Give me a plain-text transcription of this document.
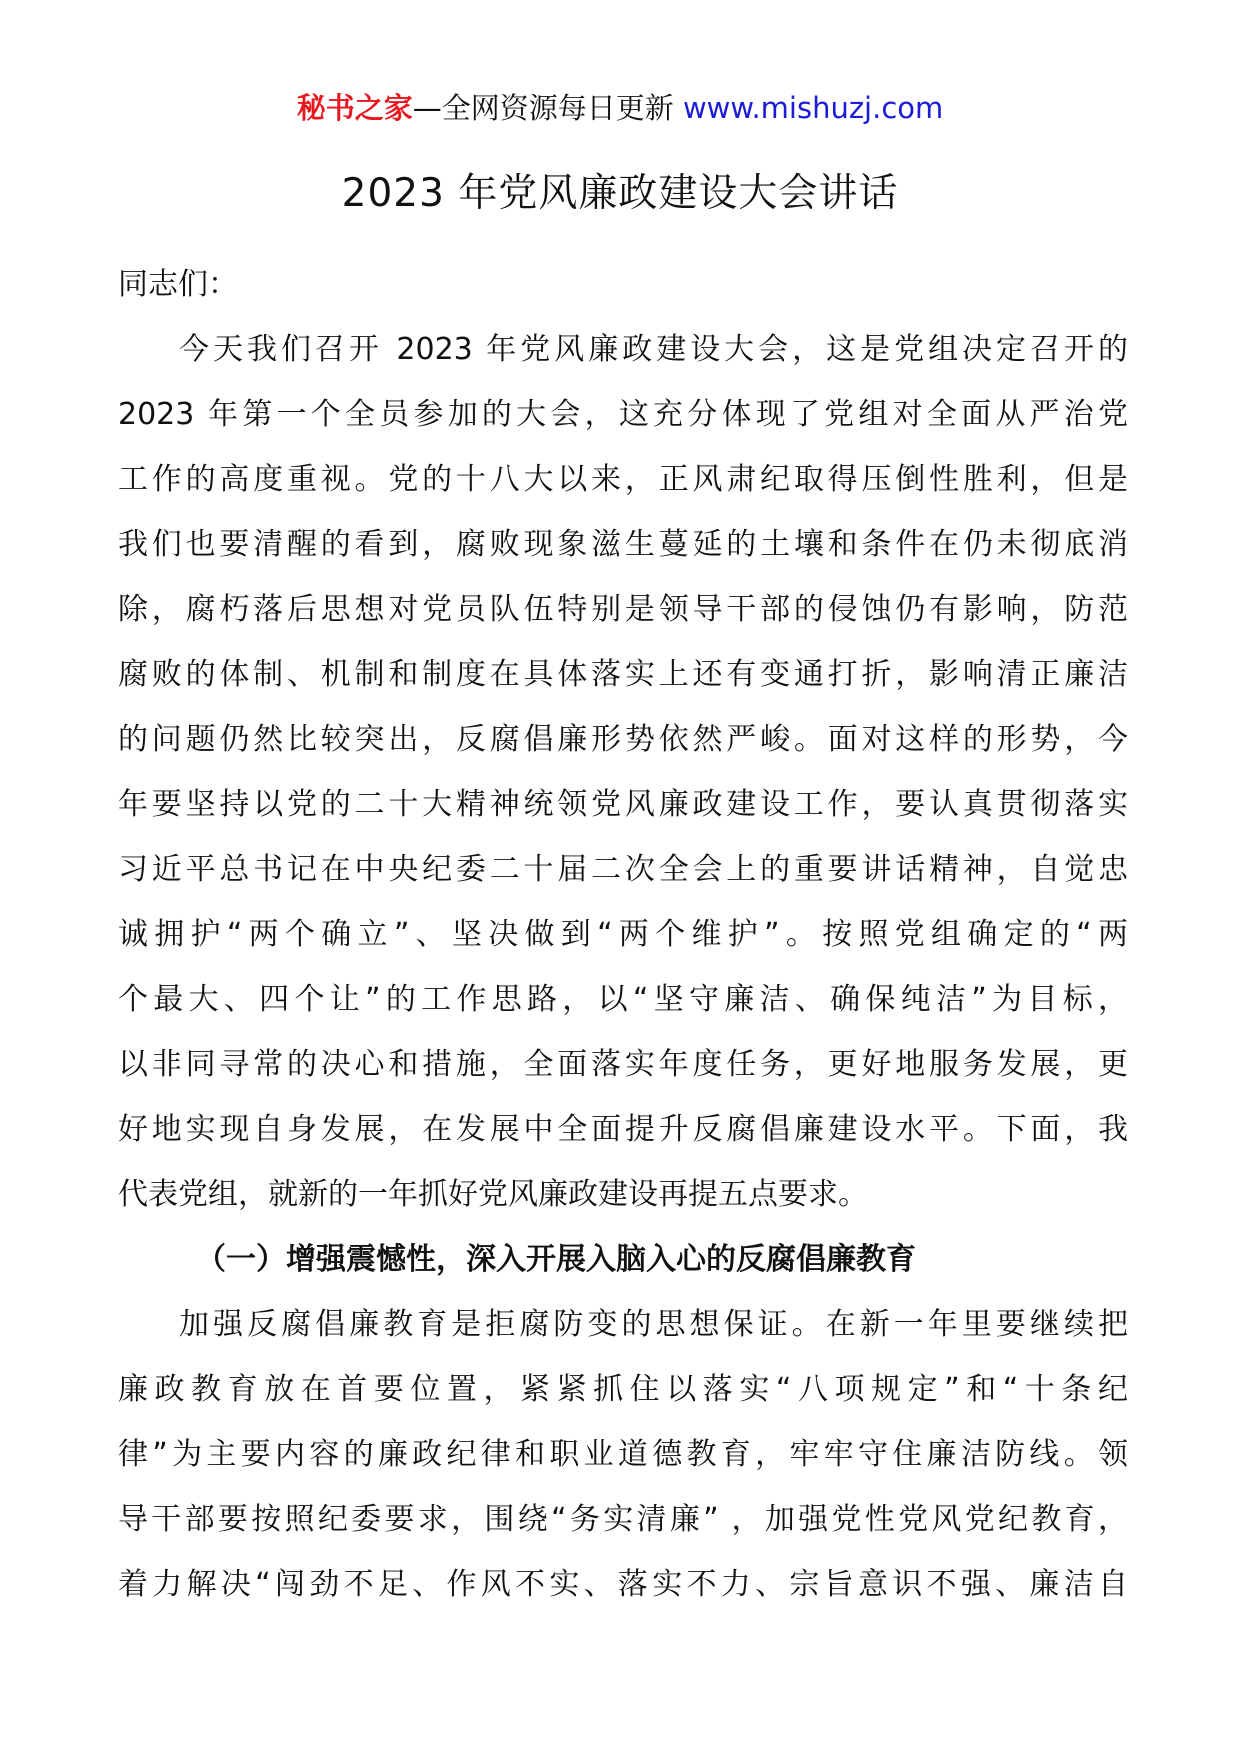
秘书之家—全网资源每日更新 www.mishuzj.com
2023 年党风廉政建设大会讲话
同志们：
今天我们召开 2023 年党风廉政建设大会，这是党组决定召开的
2023 年第一个全员参加的大会，这充分体现了党组对全面从严治党
工作的高度重视。党的十八大以来，正风肃纪取得压倒性胜利，但是
我们也要清醒的看到，腐败现象滋生蔓延的土壤和条件在仍未彻底消
除，腐朽落后思想对党员队伍特别是领导干部的侵蚀仍有影响，防范
腐败的体制、机制和制度在具体落实上还有变通打折，影响清正廉洁
的问题仍然比较突出，反腐倡廉形势依然严峻。面对这样的形势，今
年要坚持以党的二十大精神统领党风廉政建设工作，要认真贯彻落实
习近平总书记在中央纪委二十届二次全会上的重要讲话精神，自觉忠
诚拥护“两个确立”、坚决做到“两个维护”。按照党组确定的“两
个最大、四个让”的工作思路，以“坚守廉洁、确保纯洁”为目标，
以非同寻常的决心和措施，全面落实年度任务，更好地服务发展，更
好地实现自身发展，在发展中全面提升反腐倡廉建设水平。下面，我
代表党组，就新的一年抓好党风廉政建设再提五点要求。
（一）增强震憾性，深入开展入脑入心的反腐倡廉教育
加强反腐倡廉教育是拒腐防变的思想保证。在新一年里要继续把
廉政教育放在首要位置，紧紧抓住以落实“八项规定”和“十条纪
律”为主要内容的廉政纪律和职业道德教育，牢牢守住廉洁防线。领
导干部要按照纪委要求，围绕“务实清廉” ，加强党性党风党纪教育，
着力解决“闯劲不足、作风不实、落实不力、宗旨意识不强、廉洁自
